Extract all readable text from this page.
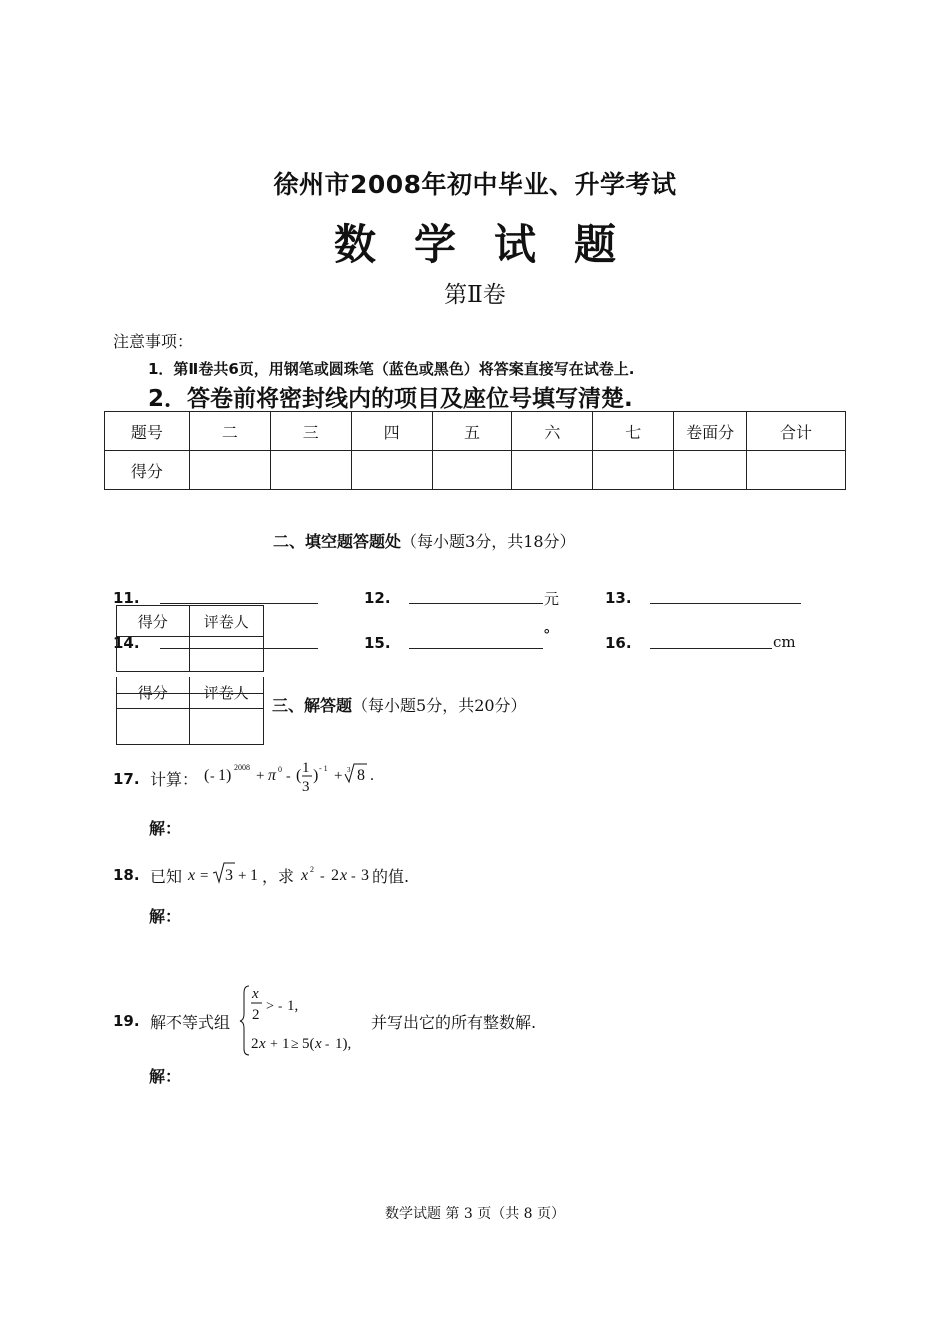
徐州市2008年初中毕业、升学考试
数学试题
第Ⅱ卷
注意事项：
1．第Ⅱ卷共6页，用钢笔或圆珠笔（蓝色或黑色）将答案直接写在试卷上.
2．答卷前将密封线内的项目及座位号填写清楚.
题号	二	三	四	五	六	七	卷面分	合计
得分								
二、填空题答题处（每小题3分，共18分）
11.	12.	元	13.
14.	15.	°	16.	cm
得分	评卷人

得分	评卷人

三、解答题（每小题5分，共20分）
17. 计算： ( - 1) 2008
+ π 0 - ( 1
3
) - 1 + 3 8 .
解：
18. 已知 x = 3 + 1 ，求 x 2 - 2 x - 3 的值.
解：
19. 解不等式组
x
2
> - 1,
2 x + 1 ≥ 5( x - 1),
并写出它的所有整数解.
解：
数学试题 第 3 页（共 8 页）
